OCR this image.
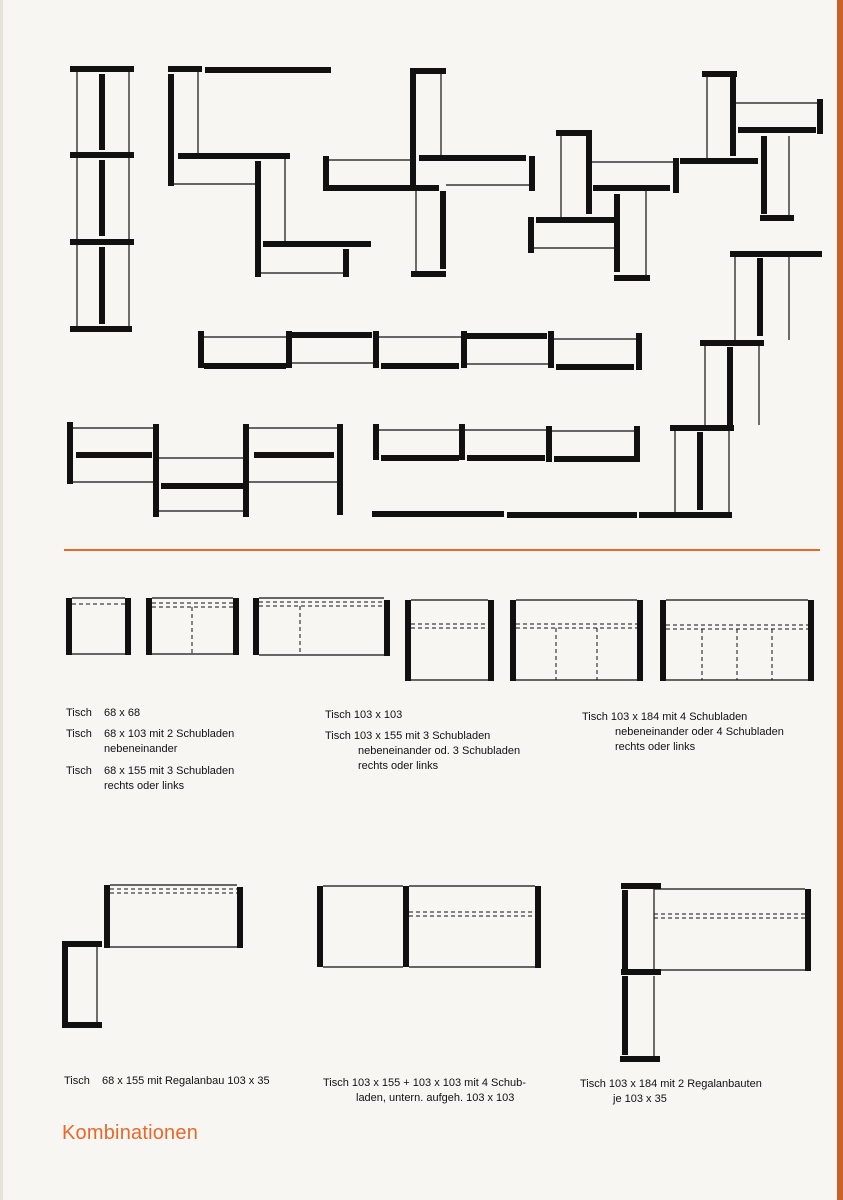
Tisch 68 x 68
Tisch 68 x 103 mit 2 Schubladen
nebeneinander
Tisch 68 x 155 mit 3 Schubladen
rechts oder links
Tisch 103 x 103
Tisch 103 x 155 mit 3 Schubladen
nebeneinander od. 3 Schubladen
rechts oder links
Tisch 103 x 184 mit 4 Schubladen
nebeneinander oder 4 Schubladen
rechts oder links
Tisch 68 x 155 mit Regalanbau 103 x 35	Tisch 103 x 155 + 103 x 103 mit 4 Schub-
laden, untern. aufgeh. 103 x 103
Tisch 103 x 184 mit 2 Regalanbauten
je 103 x 35
Kombinationen
